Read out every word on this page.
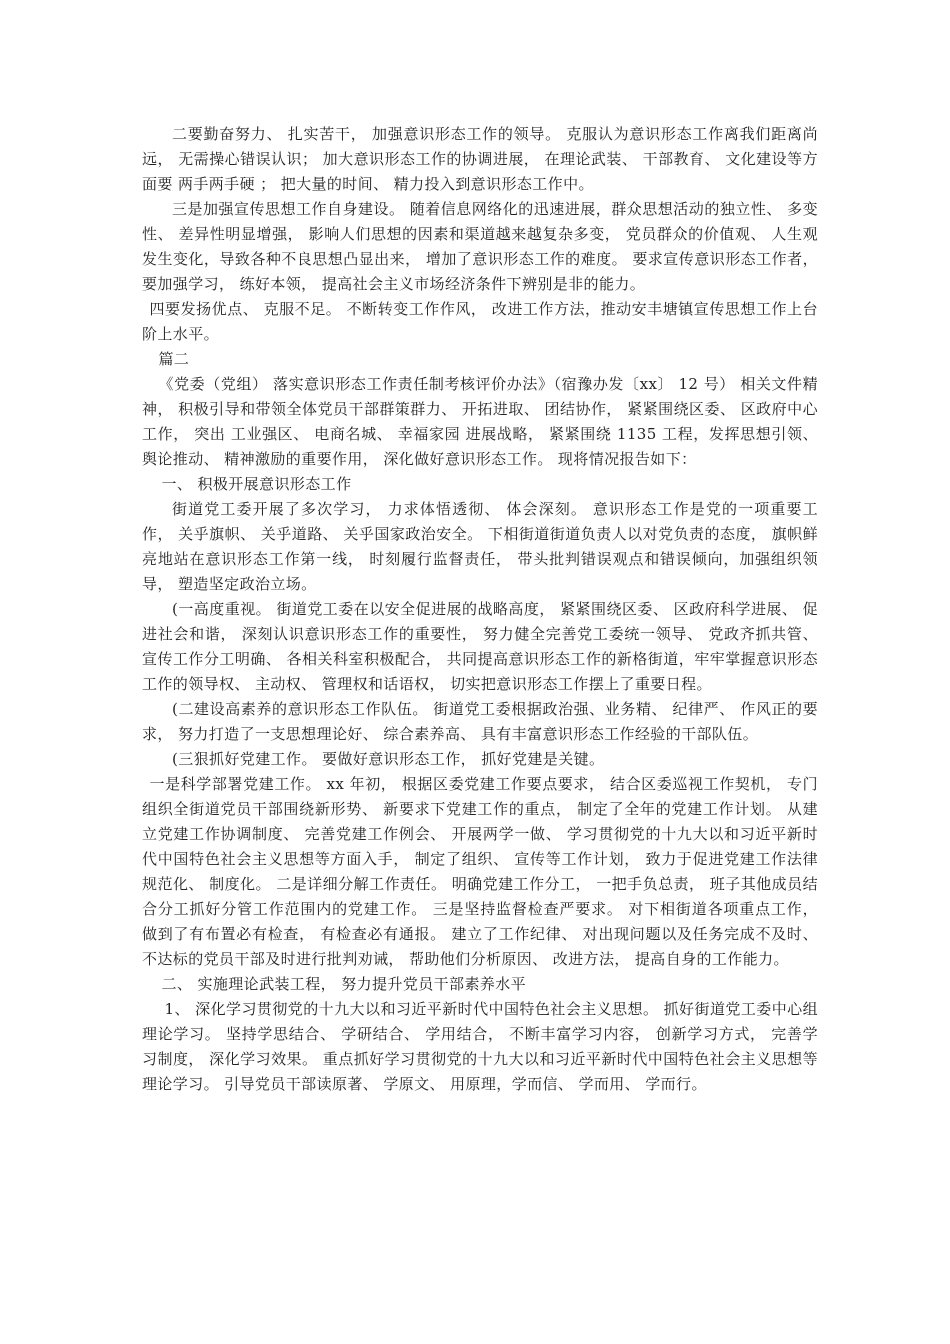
二要勤奋努力、 扎实苦干， 加强意识形态工作的领导。 克服认为意识形态工作离我们距离尚远， 无需操心错误认识； 加大意识形态工作的协调进展， 在理论武装、 干部教育、 文化建设等方面要 两手两手硬 ； 把大量的时间、 精力投入到意识形态工作中。

三是加强宣传思想工作自身建设。 随着信息网络化的迅速进展，群众思想活动的独立性、 多变性、 差异性明显增强， 影响人们思想的因素和渠道越来越复杂多变， 党员群众的价值观、 人生观发生变化，导致各种不良思想凸显出来， 增加了意识形态工作的难度。 要求宣传意识形态工作者， 要加强学习， 练好本领， 提高社会主义市场经济条件下辨别是非的能力。

四要发扬优点、 克服不足。 不断转变工作作风， 改进工作方法，推动安丰塘镇宣传思想工作上台阶上水平。

篇二

《党委（党组） 落实意识形态工作责任制考核评价办法》（宿豫办发〔xx〕 12 号） 相关文件精神， 积极引导和带领全体党员干部群策群力、 开拓进取、 团结协作， 紧紧围绕区委、 区政府中心工作， 突出 工业强区、 电商名城、 幸福家园 进展战略， 紧紧围绕 1135 工程，发挥思想引领、 舆论推动、 精神激励的重要作用， 深化做好意识形态工作。 现将情况报告如下：

一、 积极开展意识形态工作

街道党工委开展了多次学习， 力求体悟透彻、 体会深刻。 意识形态工作是党的一项重要工作， 关乎旗帜、 关乎道路、 关乎国家政治安全。 下相街道街道负责人以对党负责的态度， 旗帜鲜亮地站在意识形态工作第一线， 时刻履行监督责任， 带头批判错误观点和错误倾向，加强组织领导， 塑造坚定政治立场。

(一高度重视。 街道党工委在以安全促进展的战略高度， 紧紧围绕区委、 区政府科学进展、 促进社会和谐， 深刻认识意识形态工作的重要性， 努力健全完善党工委统一领导、 党政齐抓共管、 宣传工作分工明确、 各相关科室积极配合， 共同提高意识形态工作的新格街道，牢牢掌握意识形态工作的领导权、 主动权、 管理权和话语权， 切实把意识形态工作摆上了重要日程。

(二建设高素养的意识形态工作队伍。 街道党工委根据政治强、业务精、 纪律严、 作风正的要求， 努力打造了一支思想理论好、 综合素养高、 具有丰富意识形态工作经验的干部队伍。

(三狠抓好党建工作。 要做好意识形态工作， 抓好党建是关键。

一是科学部署党建工作。 xx 年初， 根据区委党建工作要点要求， 结合区委巡视工作契机， 专门组织全街道党员干部围绕新形势、 新要求下党建工作的重点， 制定了全年的党建工作计划。 从建立党建工作协调制度、 完善党建工作例会、 开展两学一做、 学习贯彻党的十九大以和习近平新时代中国特色社会主义思想等方面入手， 制定了组织、 宣传等工作计划， 致力于促进党建工作法律规范化、 制度化。 二是详细分解工作责任。 明确党建工作分工， 一把手负总责， 班子其他成员结合分工抓好分管工作范围内的党建工作。 三是坚持监督检查严要求。 对下相街道各项重点工作， 做到了有布置必有检查， 有检查必有通报。 建立了工作纪律、 对出现问题以及任务完成不及时、 不达标的党员干部及时进行批判劝诫， 帮助他们分析原因、 改进方法， 提高自身的工作能力。

二、 实施理论武装工程， 努力提升党员干部素养水平

1、 深化学习贯彻党的十九大以和习近平新时代中国特色社会主义思想。 抓好街道党工委中心组理论学习。 坚持学思结合、 学研结合、 学用结合， 不断丰富学习内容， 创新学习方式， 完善学习制度， 深化学习效果。 重点抓好学习贯彻党的十九大以和习近平新时代中国特色社会主义思想等理论学习。 引导党员干部读原著、 学原文、 用原理，学而信、 学而用、 学而行。
